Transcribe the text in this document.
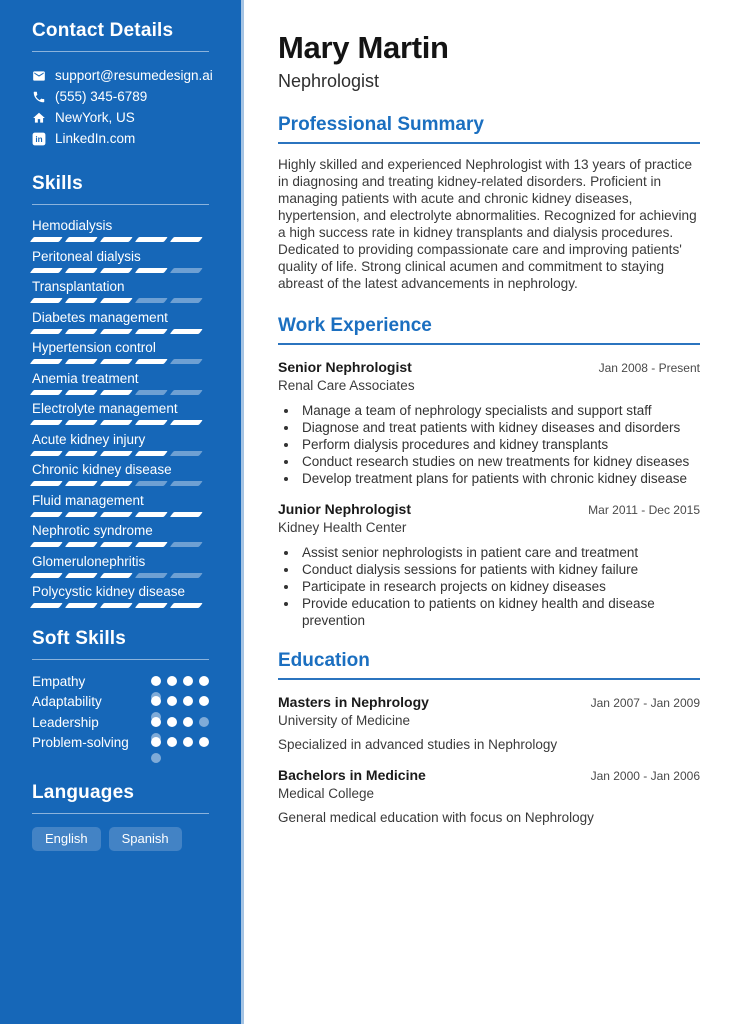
Contact Details
support@resumedesign.ai
(555) 345-6789
NewYork, US
in LinkedIn.com
Skills
Hemodialysis
Peritoneal dialysis
Transplantation
Diabetes management
Hypertension control
Anemia treatment
Electrolyte management
Acute kidney injury
Chronic kidney disease
Fluid management
Nephrotic syndrome
Glomerulonephritis
Polycystic kidney disease
Soft Skills
Empathy
Adaptability
Leadership
Problem-solving
Languages
English	Spanish
Mary Martin
Nephrologist
Professional Summary

Highly skilled and experienced Nephrologist with 13 years of practice in diagnosing and treating kidney-related disorders. Proficient in managing patients with acute and chronic kidney diseases, hypertension, and electrolyte abnormalities. Recognized for achieving a high success rate in kidney transplants and dialysis procedures. Dedicated to providing compassionate care and improving patients' quality of life. Strong clinical acumen and commitment to staying abreast of the latest advancements in nephrology.

Work Experience
Senior Nephrologist	Jan 2008 - Present
Renal Care Associates
• Manage a team of nephrology specialists and support staff
• Diagnose and treat patients with kidney diseases and disorders
• Perform dialysis procedures and kidney transplants
• Conduct research studies on new treatments for kidney diseases
• Develop treatment plans for patients with chronic kidney disease
Junior Nephrologist	Mar 2011 - Dec 2015
Kidney Health Center
• Assist senior nephrologists in patient care and treatment
• Conduct dialysis sessions for patients with kidney failure
• Participate in research projects on kidney diseases
• Provide education to patients on kidney health and disease prevention
Education
Masters in Nephrology	Jan 2007 - Jan 2009
University of Medicine
Specialized in advanced studies in Nephrology
Bachelors in Medicine	Jan 2000 - Jan 2006
Medical College
General medical education with focus on Nephrology
